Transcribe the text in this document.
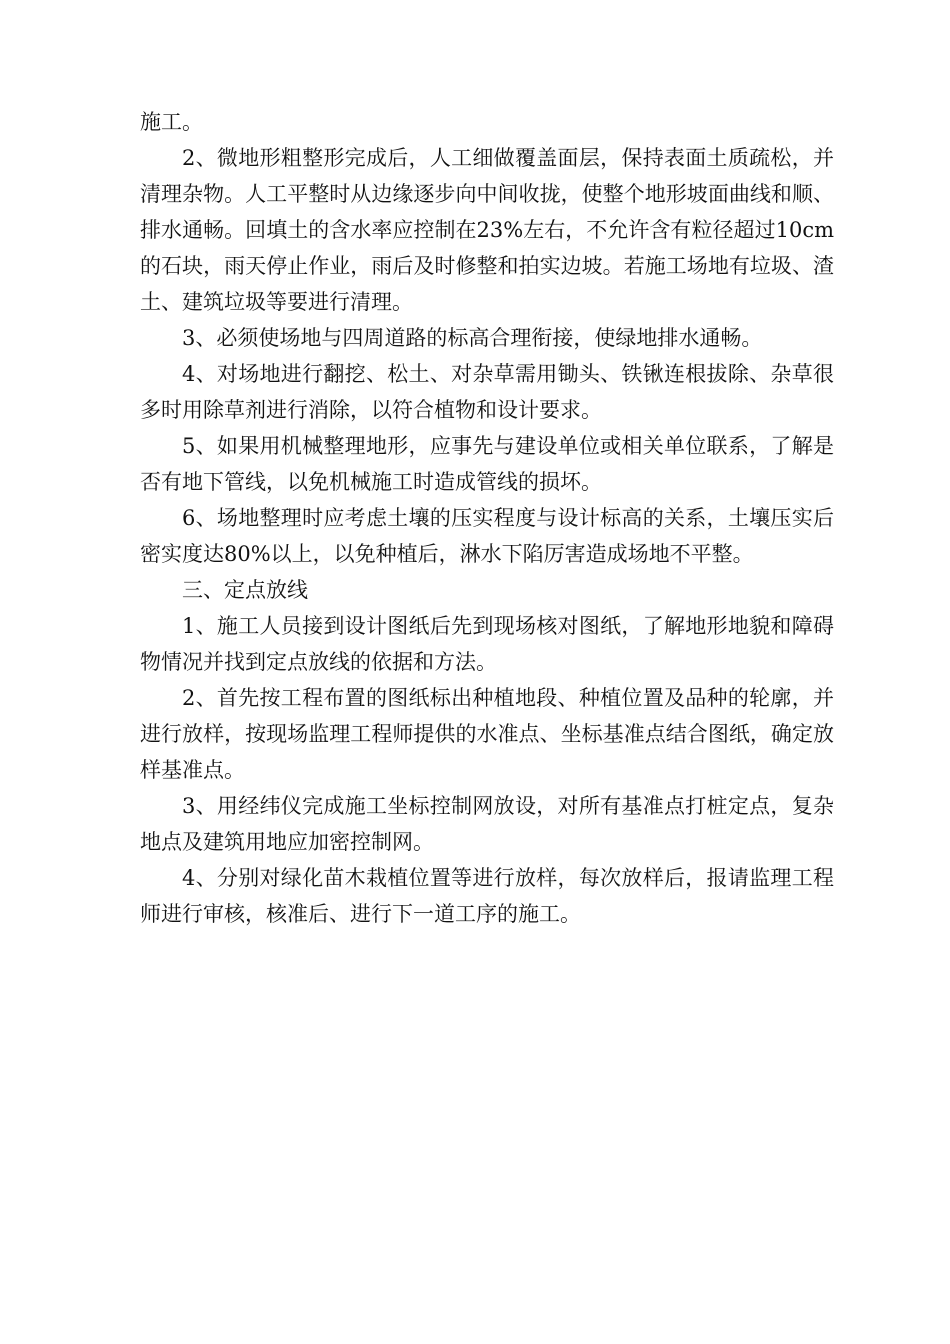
施工。

2、微地形粗整形完成后，人工细做覆盖面层，保持表面土质疏松，并清理杂物。人工平整时从边缘逐步向中间收拢，使整个地形坡面曲线和顺、排水通畅。回填土的含水率应控制在23%左右，不允许含有粒径超过10cm的石块，雨天停止作业，雨后及时修整和拍实边坡。若施工场地有垃圾、渣土、建筑垃圾等要进行清理。

3、必须使场地与四周道路的标高合理衔接，使绿地排水通畅。

4、对场地进行翻挖、松土、对杂草需用锄头、铁锹连根拔除、杂草很多时用除草剂进行消除，以符合植物和设计要求。

5、如果用机械整理地形，应事先与建设单位或相关单位联系，了解是否有地下管线，以免机械施工时造成管线的损坏。

6、场地整理时应考虑土壤的压实程度与设计标高的关系，土壤压实后密实度达80%以上，以免种植后，淋水下陷厉害造成场地不平整。

三、定点放线

1、施工人员接到设计图纸后先到现场核对图纸，了解地形地貌和障碍物情况并找到定点放线的依据和方法。

2、首先按工程布置的图纸标出种植地段、种植位置及品种的轮廓，并进行放样，按现场监理工程师提供的水准点、坐标基准点结合图纸，确定放样基准点。

3、用经纬仪完成施工坐标控制网放设，对所有基准点打桩定点，复杂地点及建筑用地应加密控制网。

4、分别对绿化苗木栽植位置等进行放样，每次放样后，报请监理工程师进行审核，核准后、进行下一道工序的施工。
